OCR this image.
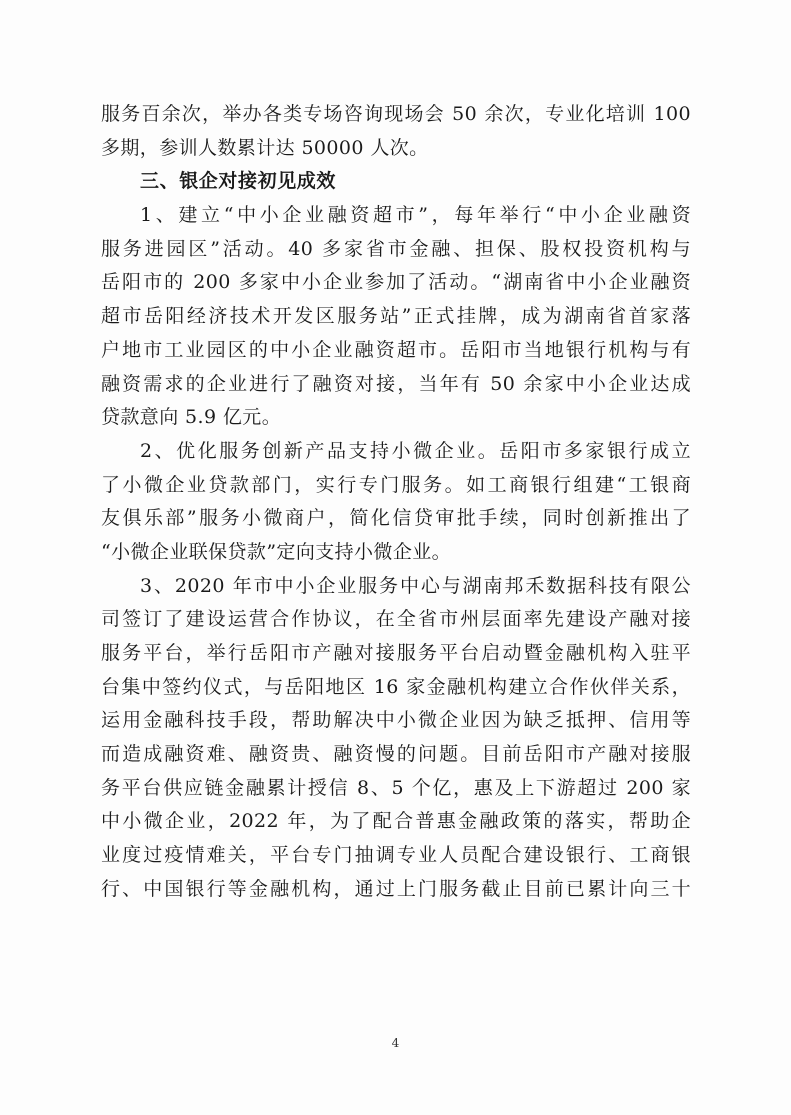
服务百余次，举办各类专场咨询现场会 50 余次，专业化培训 100

多期，参训人数累计达 50000 人次。

三、银企对接初见成效

1、建立“中小企业融资超市”，每年举行“中小企业融资

服务进园区”活动。40 多家省市金融、担保、股权投资机构与

岳阳市的 200 多家中小企业参加了活动。“湖南省中小企业融资

超市岳阳经济技术开发区服务站”正式挂牌，成为湖南省首家落

户地市工业园区的中小企业融资超市。岳阳市当地银行机构与有

融资需求的企业进行了融资对接，当年有 50 余家中小企业达成

贷款意向 5.9 亿元。

2、优化服务创新产品支持小微企业。岳阳市多家银行成立

了小微企业贷款部门，实行专门服务。如工商银行组建“工银商

友俱乐部”服务小微商户，简化信贷审批手续，同时创新推出了

“小微企业联保贷款”定向支持小微企业。

3、2020 年市中小企业服务中心与湖南邦禾数据科技有限公

司签订了建设运营合作协议，在全省市州层面率先建设产融对接

服务平台，举行岳阳市产融对接服务平台启动暨金融机构入驻平

台集中签约仪式，与岳阳地区 16 家金融机构建立合作伙伴关系，

运用金融科技手段，帮助解决中小微企业因为缺乏抵押、信用等

而造成融资难、融资贵、融资慢的问题。目前岳阳市产融对接服

务平台供应链金融累计授信 8、5 个亿，惠及上下游超过 200 家

中小微企业，2022 年，为了配合普惠金融政策的落实，帮助企

业度过疫情难关，平台专门抽调专业人员配合建设银行、工商银

行、中国银行等金融机构，通过上门服务截止目前已累计向三十

4
